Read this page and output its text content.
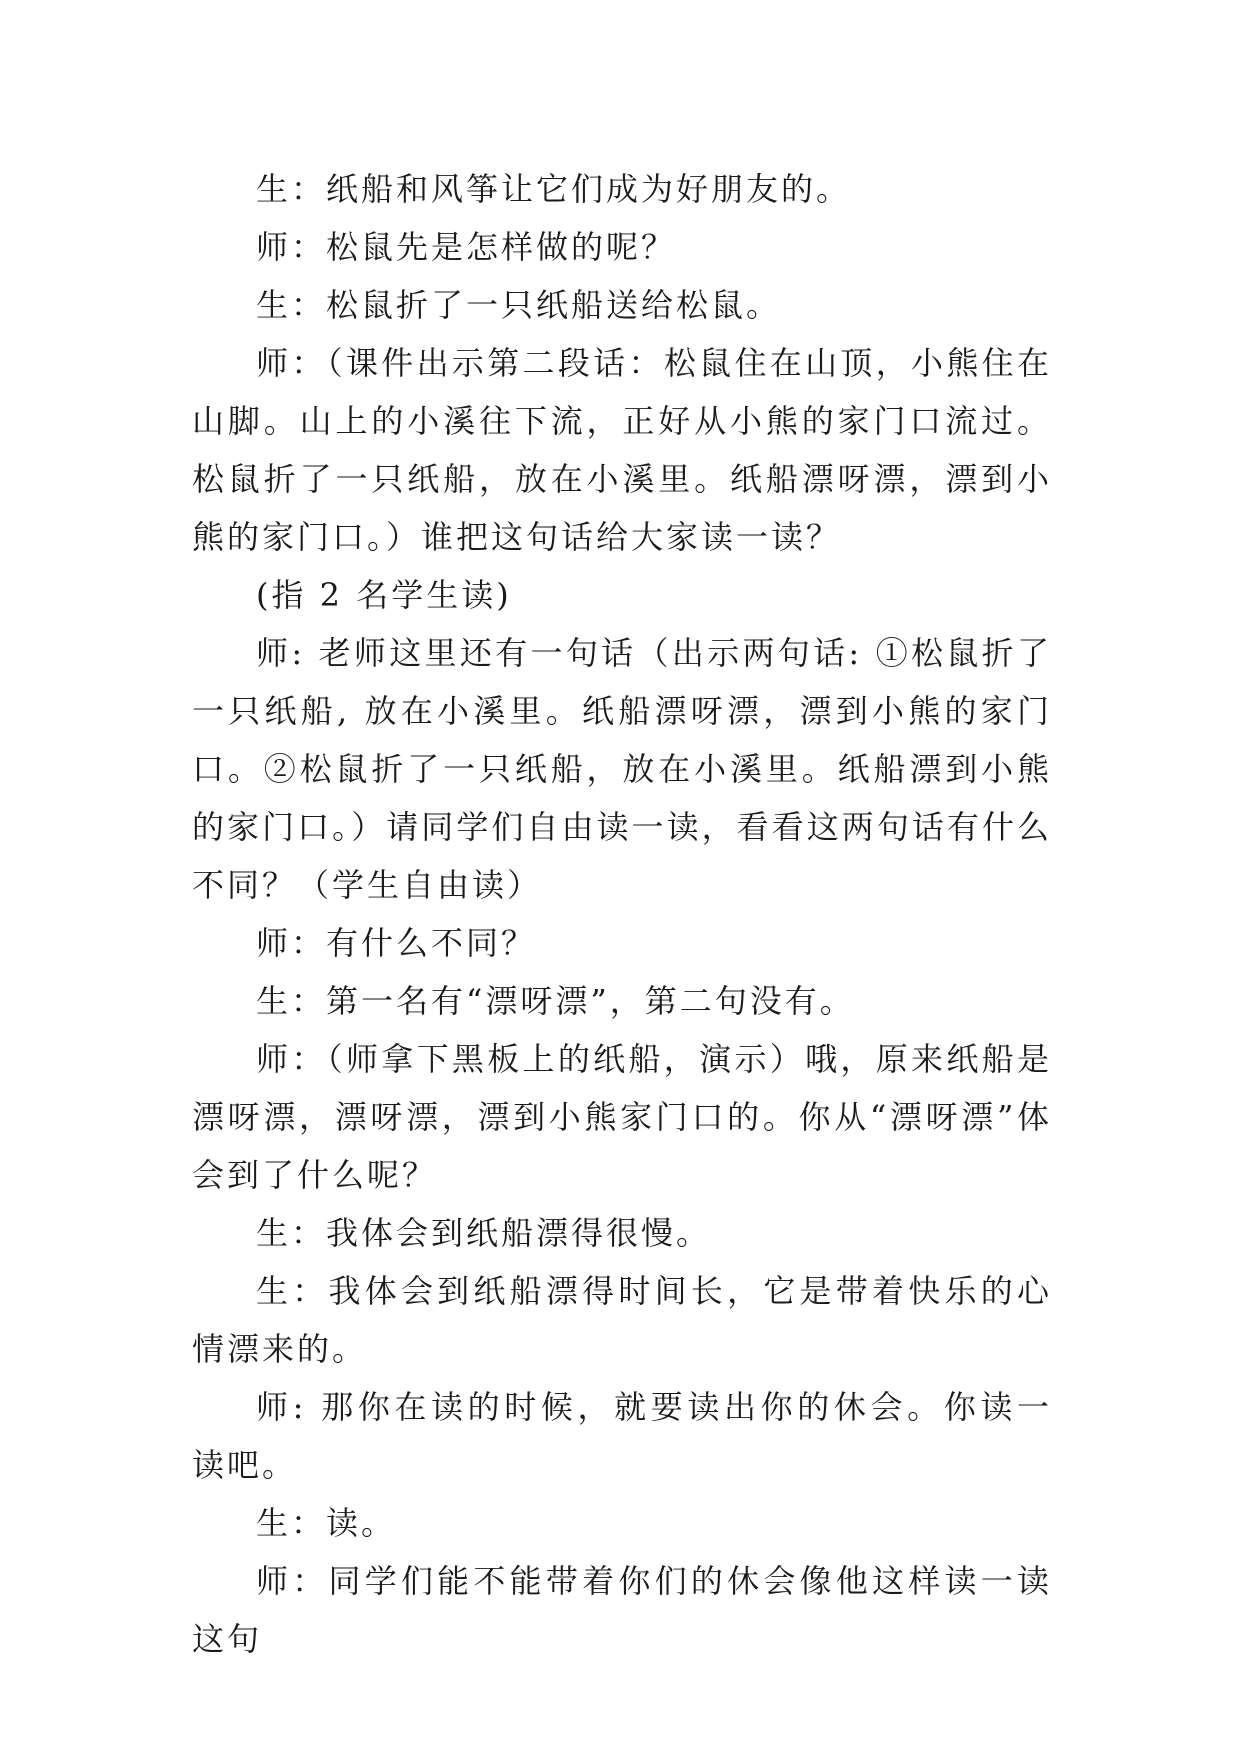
生：纸船和风筝让它们成为好朋友的。

师：松鼠先是怎样做的呢？

生：松鼠折了一只纸船送给松鼠。

师：（课件出示第二段话：松鼠住在山顶，小熊住在山脚。山上的小溪往下流，正好从小熊的家门口流过。松鼠折了一只纸船，放在小溪里。纸船漂呀漂，漂到小熊的家门口。）谁把这句话给大家读一读？

(指 2 名学生读)

师: 老师这里还有一句话（出示两句话: ①松鼠折了一只纸船, 放在小溪里。纸船漂呀漂，漂到小熊的家门口。②松鼠折了一只纸船，放在小溪里。纸船漂到小熊的家门口。）请同学们自由读一读，看看这两句话有什么不同？（学生自由读）

师：有什么不同？

生：第一名有“漂呀漂”，第二句没有。

师：（师拿下黑板上的纸船，演示）哦，原来纸船是漂呀漂，漂呀漂，漂到小熊家门口的。你从“漂呀漂”体会到了什么呢？

生：我体会到纸船漂得很慢。

生：我体会到纸船漂得时间长，它是带着快乐的心情漂来的。

师: 那你在读的时候，就要读出你的休会。你读一读吧。

生：读。

师：同学们能不能带着你们的休会像他这样读一读这句
